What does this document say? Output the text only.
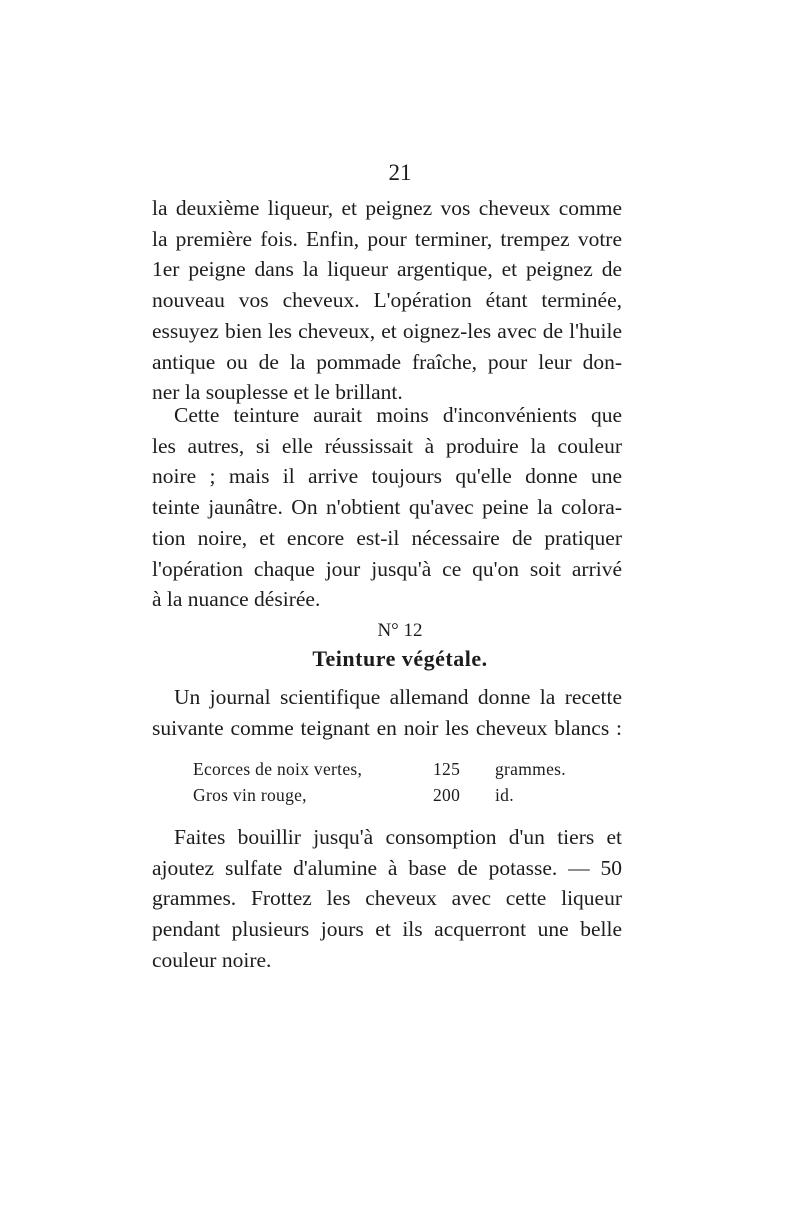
21
la deuxième liqueur, et peignez vos cheveux comme
la première fois. Enfin, pour terminer, trempez votre
1er peigne dans la liqueur argentique, et peignez de
nouveau vos cheveux. L'opération étant terminée,
essuyez bien les cheveux, et oignez-les avec de l'huile
antique ou de la pommade fraîche, pour leur don-
ner la souplesse et le brillant.
Cette teinture aurait moins d'inconvénients que
les autres, si elle réussissait à produire la couleur
noire ; mais il arrive toujours qu'elle donne une
teinte jaunâtre. On n'obtient qu'avec peine la colora-
tion noire, et encore est-il nécessaire de pratiquer
l'opération chaque jour jusqu'à ce qu'on soit arrivé
à la nuance désirée.
N° 12
Teinture végétale.
Un journal scientifique allemand donne la recette
suivante comme teignant en noir les cheveux blancs :
Ecorces de noix vertes,	125	grammes.
Gros vin rouge,	200	id.
Faites bouillir jusqu'à consomption d'un tiers et
ajoutez sulfate d'alumine à base de potasse. — 50
grammes. Frottez les cheveux avec cette liqueur
pendant plusieurs jours et ils acquerront une belle
couleur noire.
